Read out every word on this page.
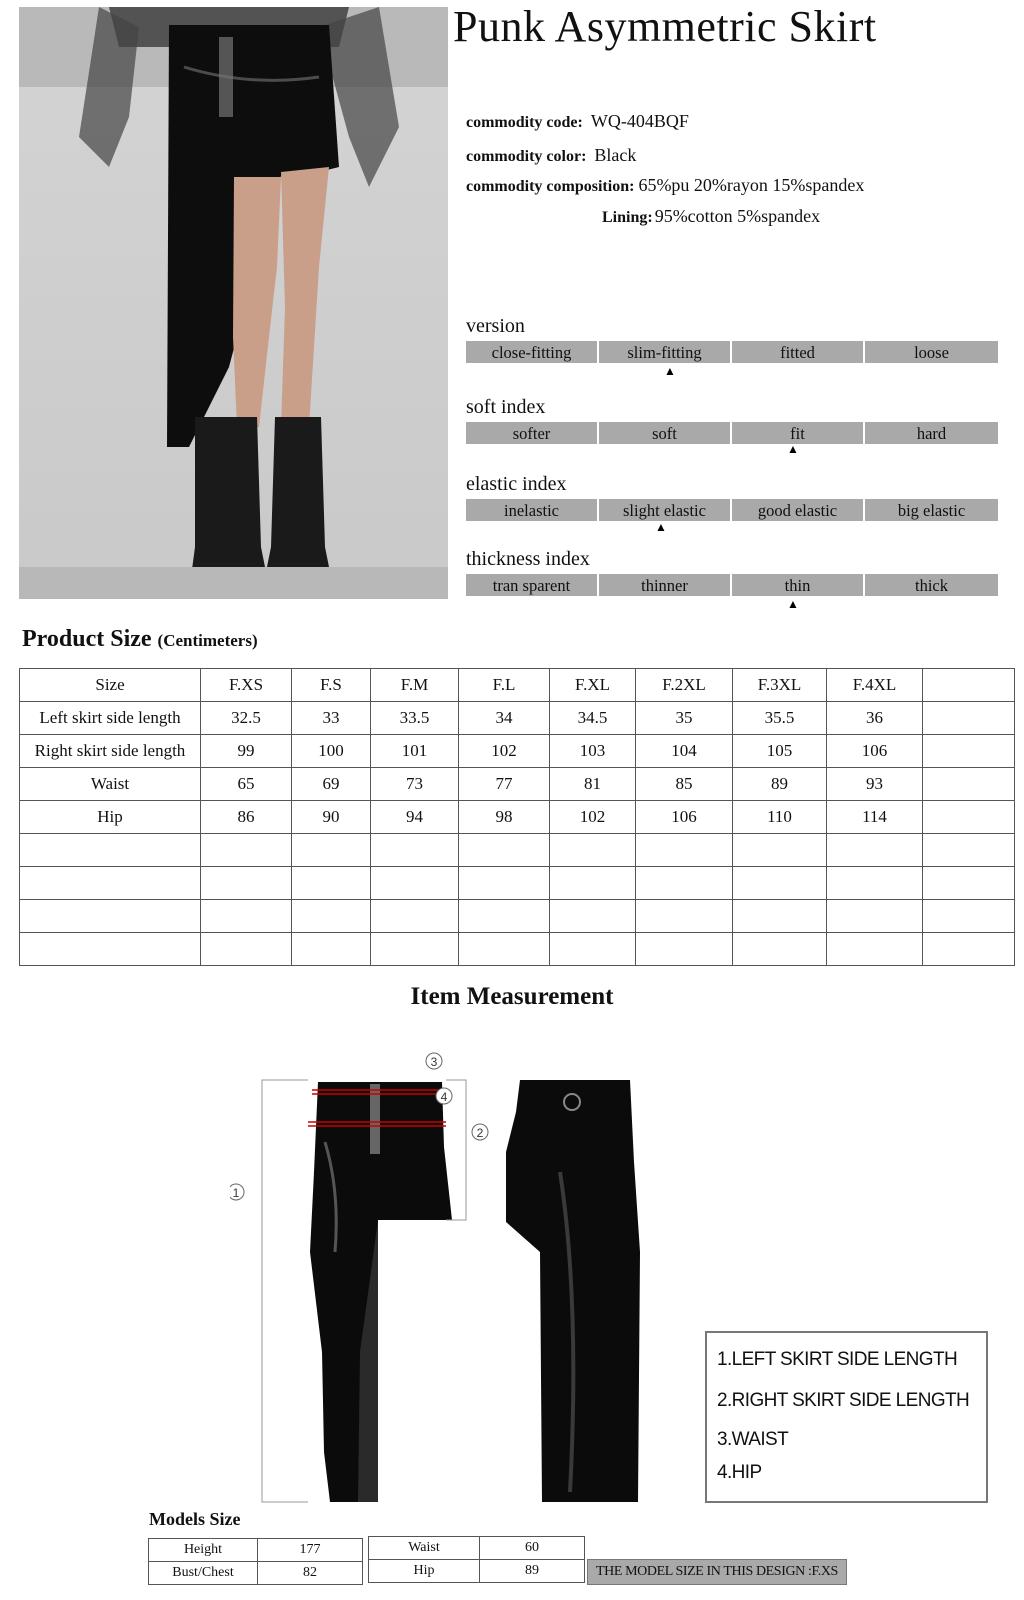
Punk Asymmetric Skirt
commodity code: WQ-404BQF
commodity color: Black
commodity composition: 65%pu 20%rayon 15%spandex
Lining: 95%cotton 5%spandex
version
close-fitting	slim-fitting	fitted	loose
▲
soft index
softer	soft	fit	hard
▲
elastic index
inelastic	slight elastic	good elastic	big elastic
▲
thickness index
tran sparent	thinner	thin	thick
▲
Product Size (Centimeters)
Size	F.XS	F.S	F.M	F.L	F.XL	F.2XL	F.3XL	F.4XL	
Left skirt side length	32.5	33	33.5	34	34.5	35	35.5	36	
Right skirt side length	99	100	101	102	103	104	105	106	
Waist	65	69	73	77	81	85	89	93	
Hip	86	90	94	98	102	106	110	114	

Item Measurement
1
2
3
4
1.LEFT SKIRT SIDE LENGTH
2.RIGHT SKIRT SIDE LENGTH
3.WAIST
4.HIP
Models Size
Height	177
Bust/Chest	82
Waist	60
Hip	89	THE MODEL SIZE IN THIS DESIGN :F.XS
